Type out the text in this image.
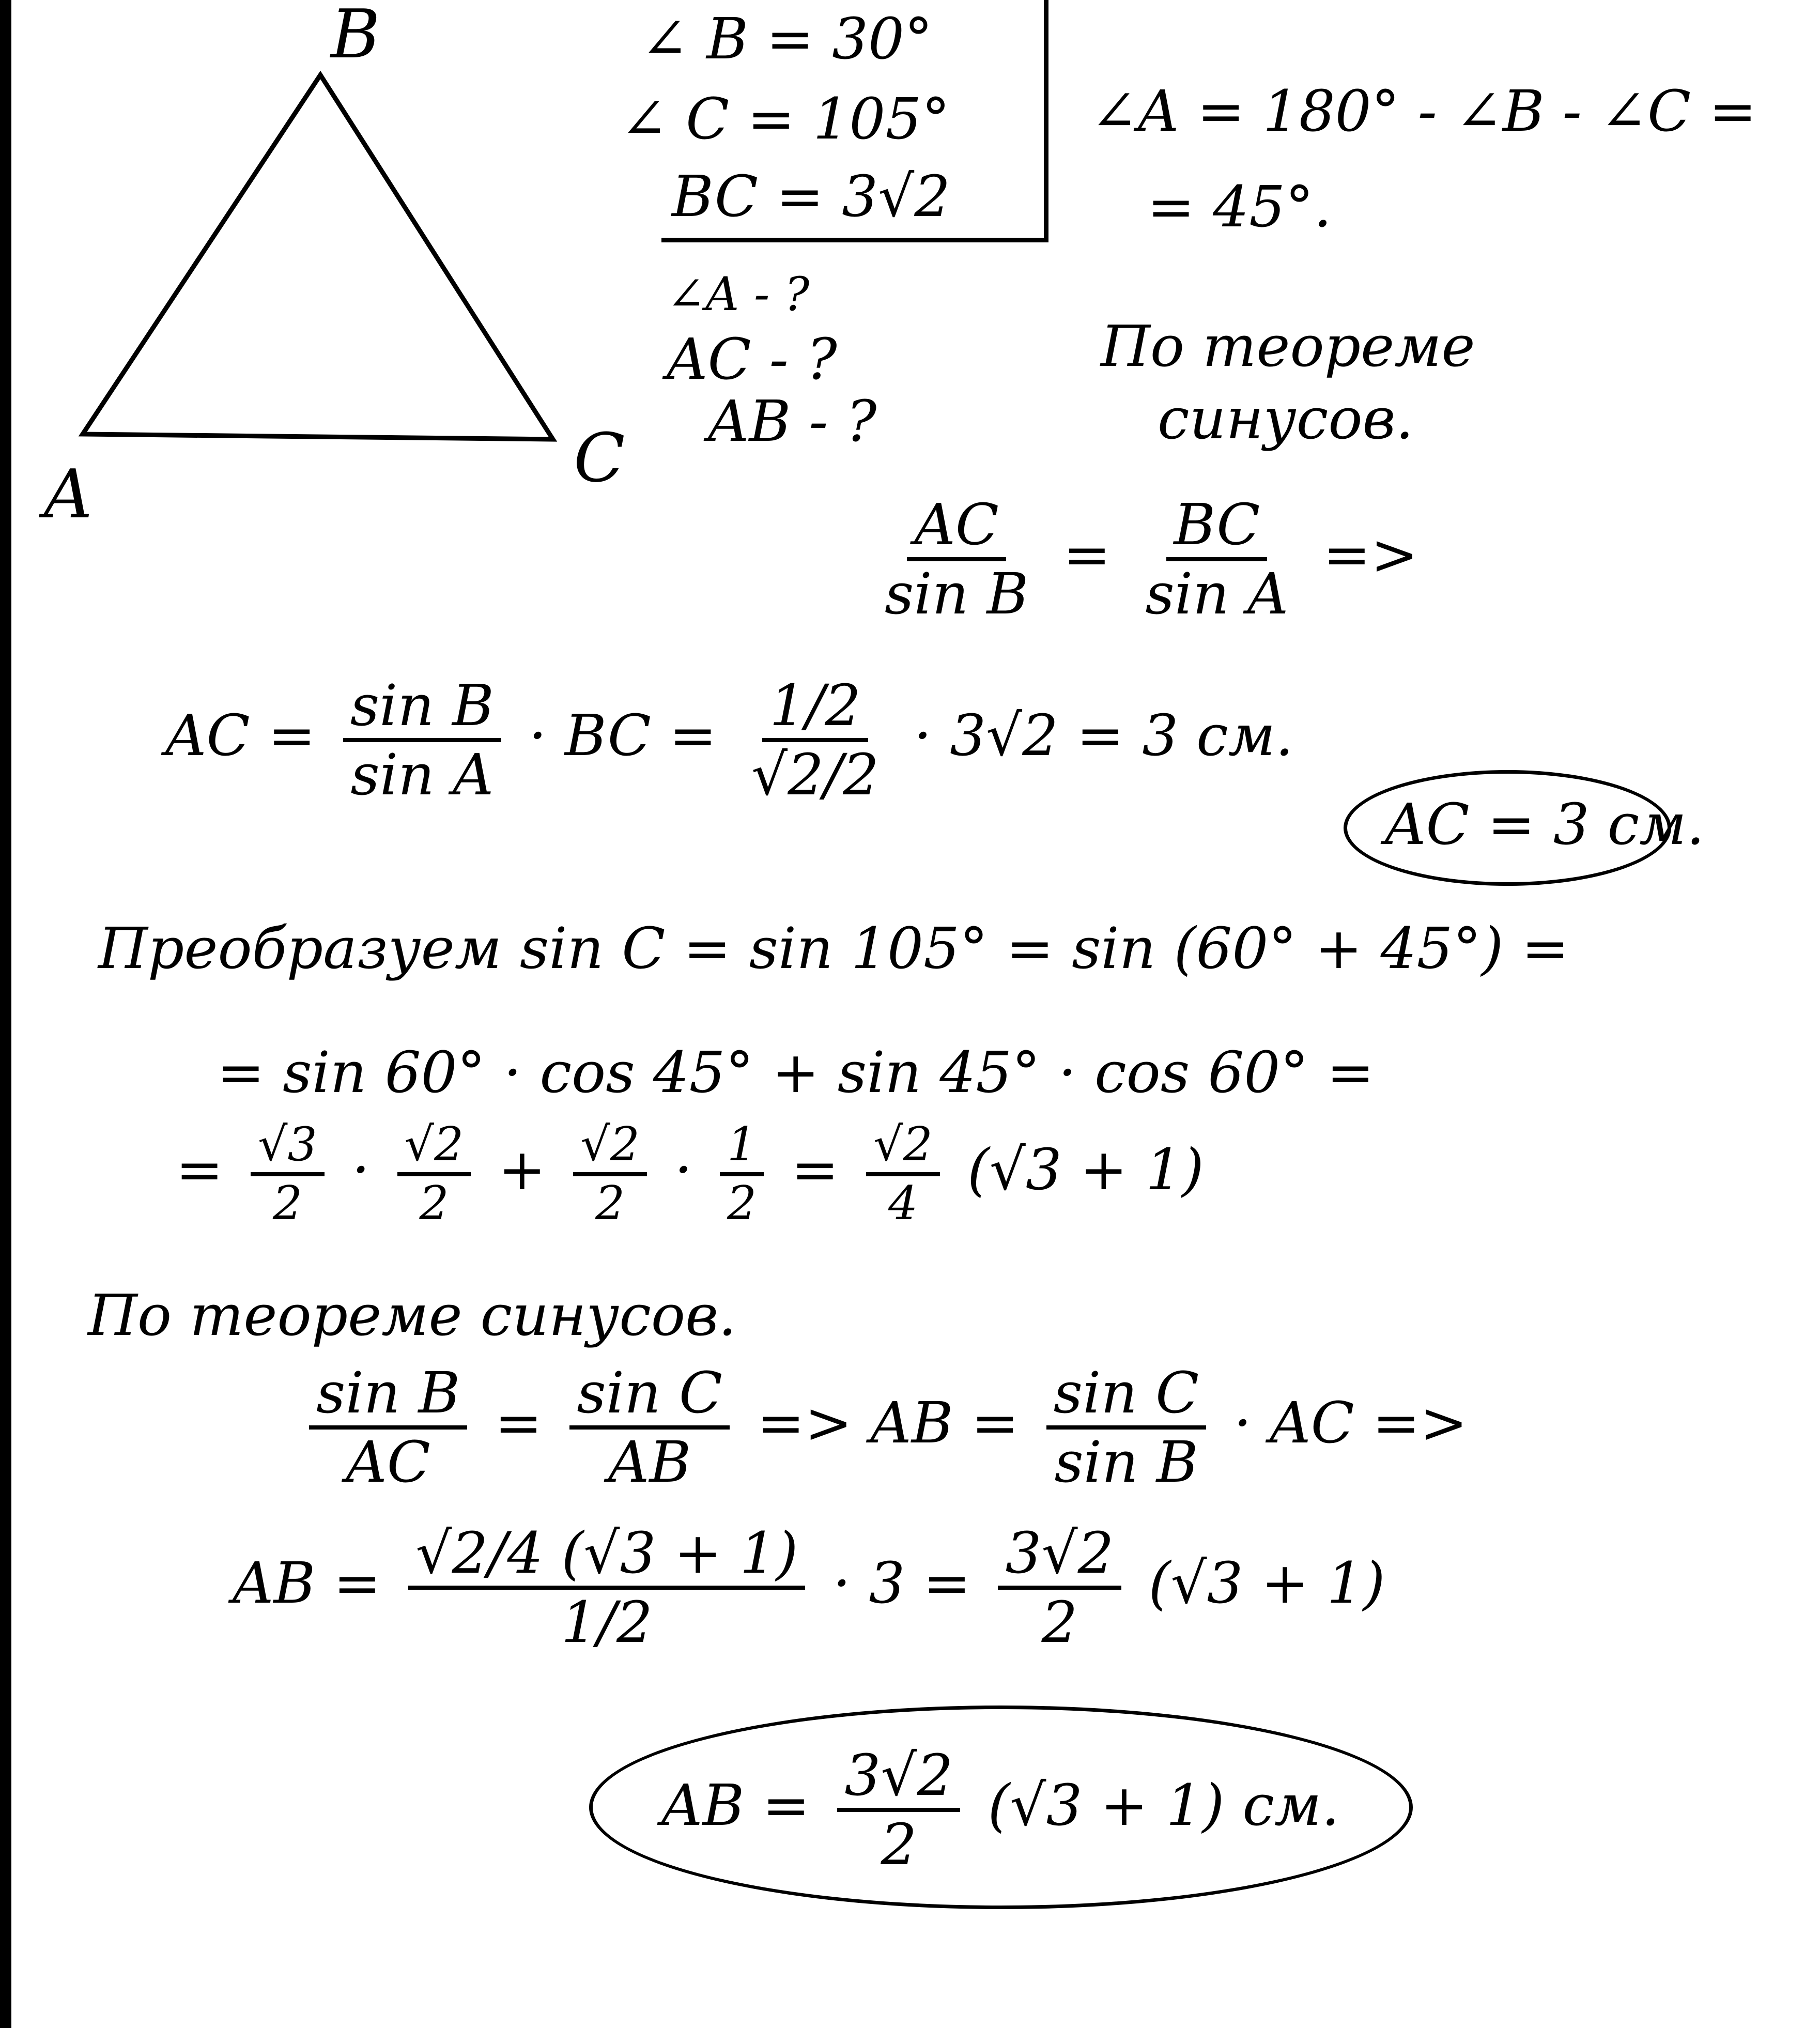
B
A	C
∠ B = 30°
∠ C = 105°
BC = 3√2
∠A - ?
AC - ?
AB - ?
∠A = 180° - ∠B - ∠C =
= 45°.
По теореме
синусов.
$\frac{AC}{\text{sin B}} = \frac{BC}{\text{sin A}}$ =>
AC = $\frac{\text{sin B}}{\text{sin A}}$ · BC = $\frac{1/2}{√2/2} \cdot 3√2 = 3$ см.
AC = 3 см.
Преобразуем sin C = sin 105° = sin (60° + 45°) =
= sin 60° · cos 45° + sin 45° · cos 60° =
= $\frac{√3}{2} \cdot \frac{√2}{2} + \frac{√2}{2} \cdot \frac{1}{2} = \frac{√2}{4} (√3 + 1)$
По теореме синусов.
$\frac{\text{sin B}}{AC} = \frac{\text{sin C}}{AB}$ => AB = $\frac{\text{sin C}}{\text{sin B}}$ · AC =>
AB = $\frac{√2/4 (√3 + 1)}{1/2} \cdot 3 = \frac{3√2}{2} (√3 + 1)$
AB = $\frac{3√2}{2} (√3 + 1)$ см.
